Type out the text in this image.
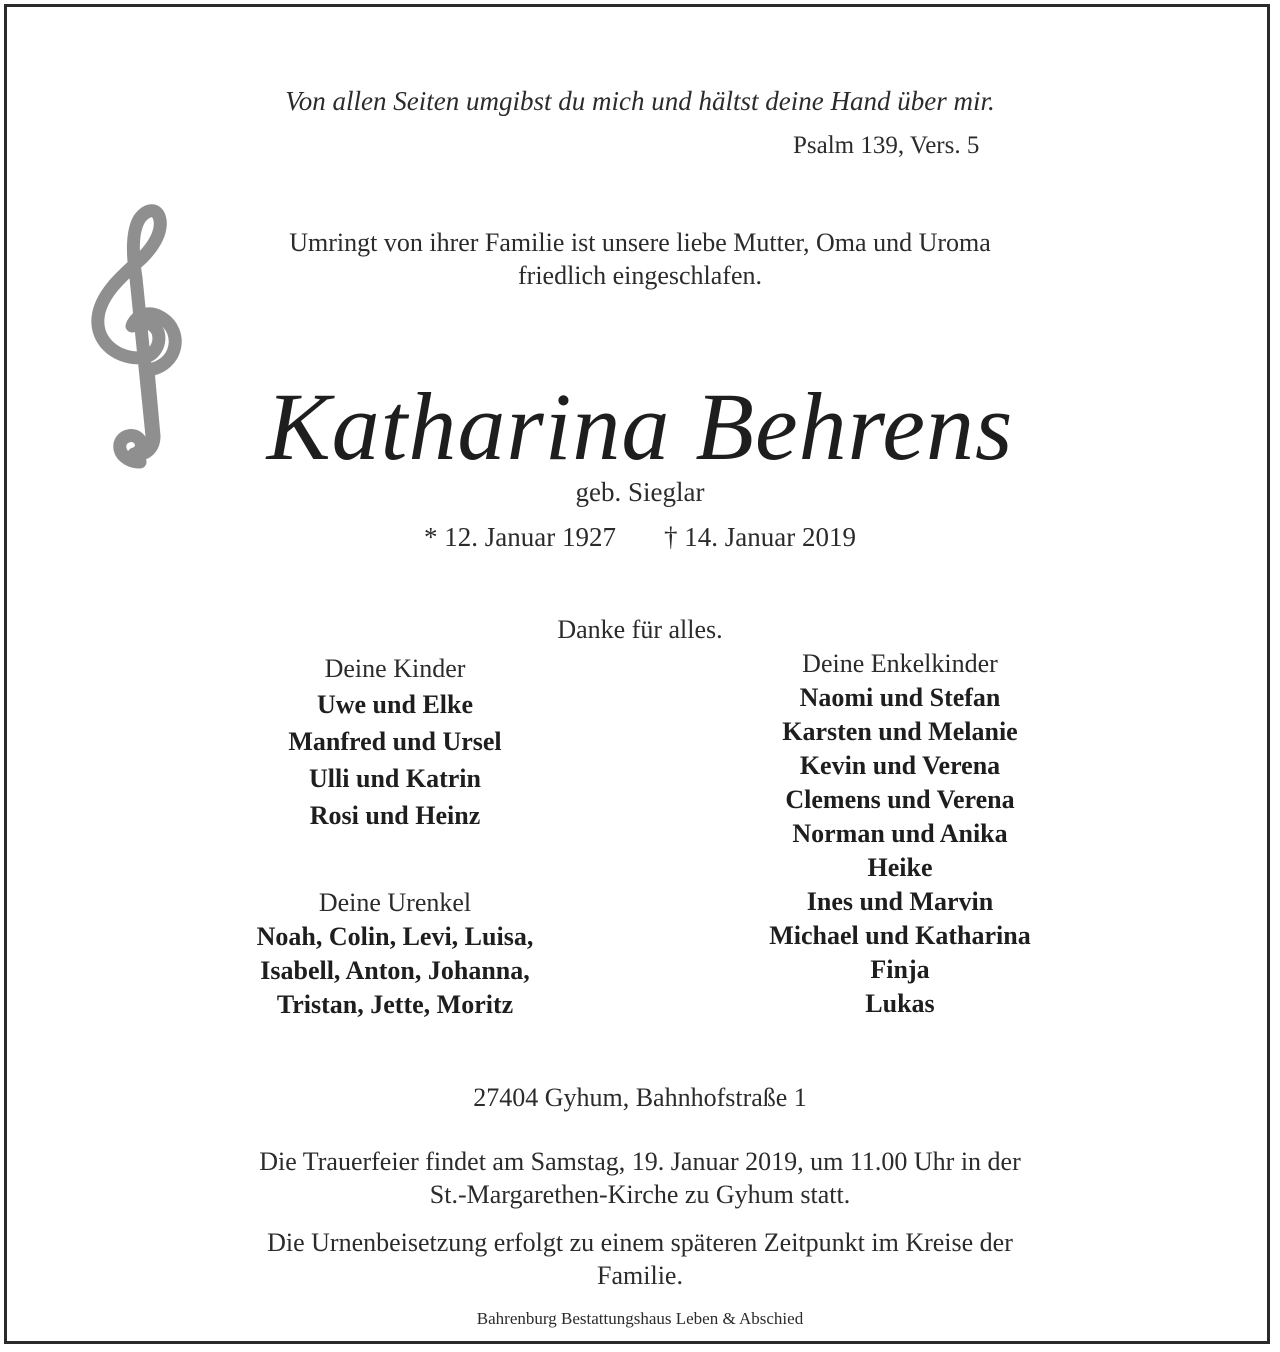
Von allen Seiten umgibst du mich und hältst deine Hand über mir.
Psalm 139, Vers. 5
Umringt von ihrer Familie ist unsere liebe Mutter, Oma und Uroma
friedlich eingeschlafen.
Katharina Behrens
geb. Sieglar
* 12. Januar 1927 † 14. Januar 2019
Danke für alles.
Deine Kinder
Uwe und Elke
Manfred und Ursel
Ulli und Katrin
Rosi und Heinz
Deine Urenkel
Noah, Colin, Levi, Luisa,
Isabell, Anton, Johanna,
Tristan, Jette, Moritz
Deine Enkelkinder
Naomi und Stefan
Karsten und Melanie
Kevin und Verena
Clemens und Verena
Norman und Anika
Heike
Ines und Marvin
Michael und Katharina
Finja
Lukas
27404 Gyhum, Bahnhofstraße 1
Die Trauerfeier findet am Samstag, 19. Januar 2019, um 11.00 Uhr in der
St.-Margarethen-Kirche zu Gyhum statt.
Die Urnenbeisetzung erfolgt zu einem späteren Zeitpunkt im Kreise der
Familie.
Bahrenburg Bestattungshaus Leben & Abschied
